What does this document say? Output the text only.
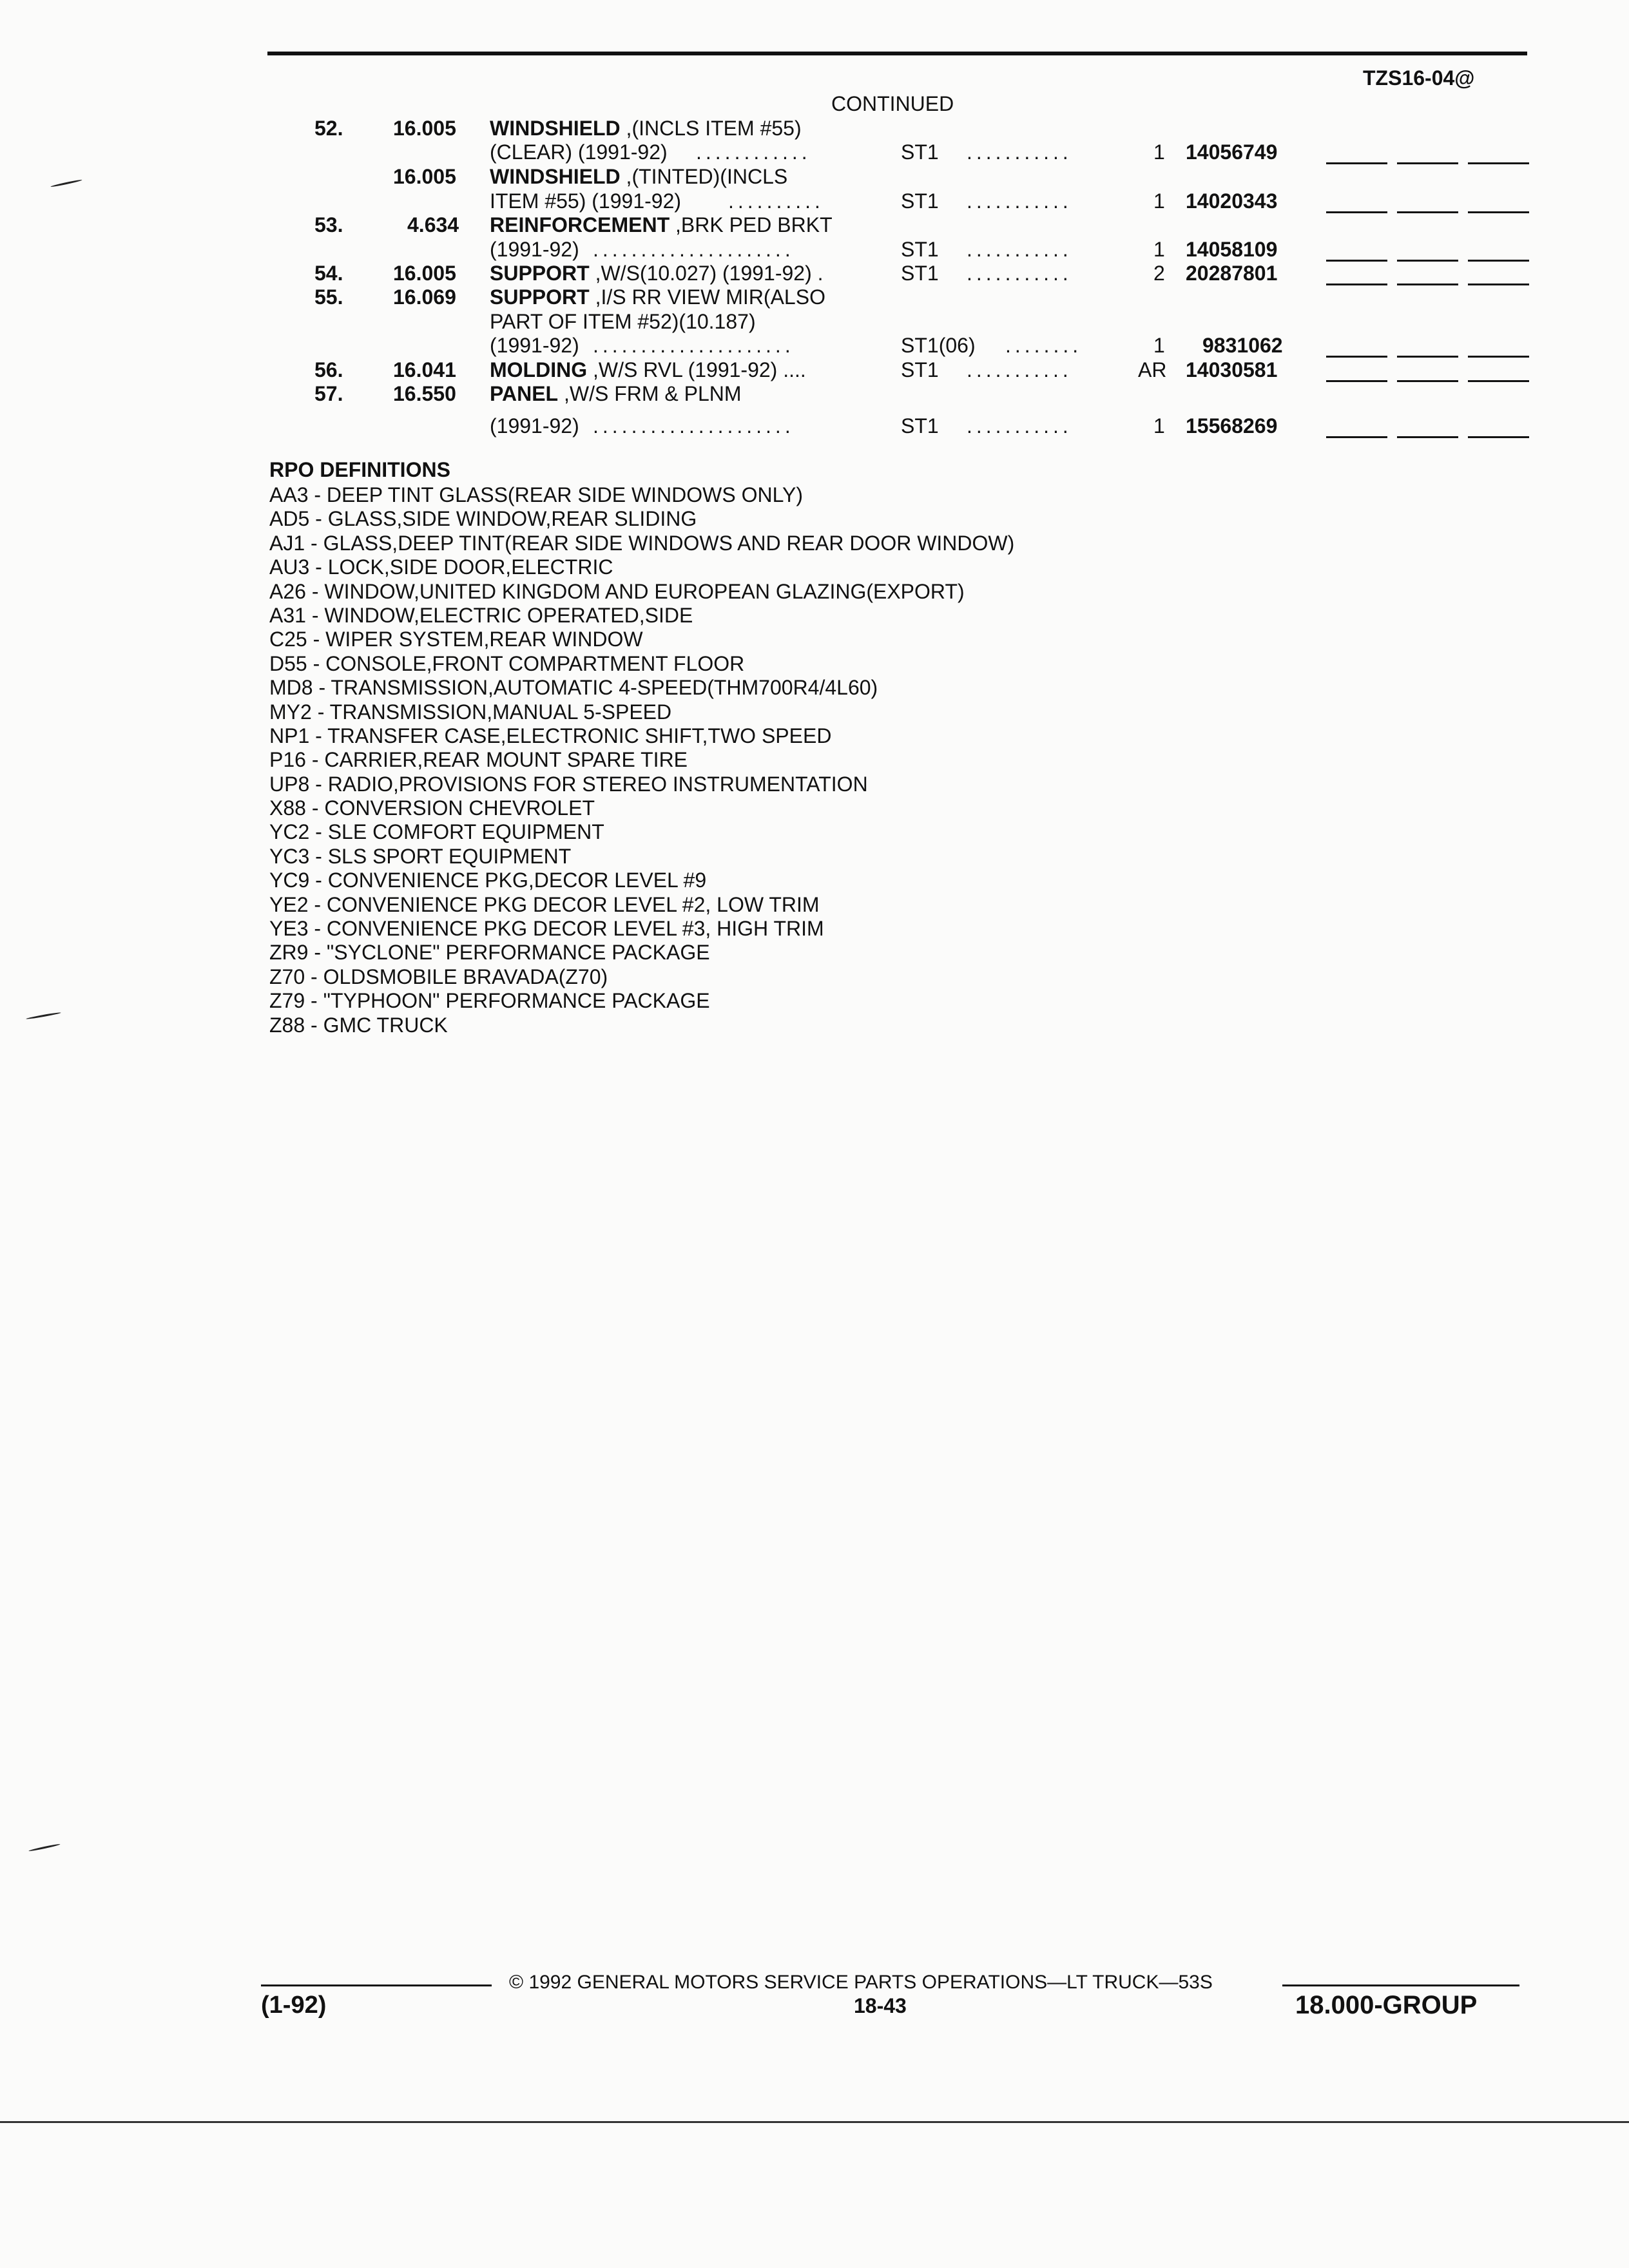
TZS16-04@
CONTINUED
52. 16.005 WINDSHIELD ,(INCLS ITEM #55)
(CLEAR) (1991-92) ............	ST1 ...........	1 14056749
16.005 WINDSHIELD ,(TINTED)(INCLS
ITEM #55) (1991-92) ..........	ST1 ...........	1 14020343
53.	4.634 REINFORCEMENT ,BRK PED BRKT
(1991-92) .....................	ST1 ...........	1 14058109
54. 16.005 SUPPORT ,W/S(10.027) (1991-92) .	ST1 ...........	2 20287801
55. 16.069 SUPPORT ,I/S RR VIEW MIR(ALSO
PART OF ITEM #52)(10.187)
(1991-92) .....................	ST1(06) ........	1 9831062
56. 16.041 MOLDING ,W/S RVL (1991-92) ....	ST1 ...........	AR 14030581
57. 16.550 PANEL ,W/S FRM & PLNM
(1991-92) .....................	ST1 ...........	1 15568269
RPO DEFINITIONS
AA3 - DEEP TINT GLASS(REAR SIDE WINDOWS ONLY)
AD5 - GLASS,SIDE WINDOW,REAR SLIDING
AJ1 - GLASS,DEEP TINT(REAR SIDE WINDOWS AND REAR DOOR WINDOW)
AU3 - LOCK,SIDE DOOR,ELECTRIC
A26 - WINDOW,UNITED KINGDOM AND EUROPEAN GLAZING(EXPORT)
A31 - WINDOW,ELECTRIC OPERATED,SIDE
C25 - WIPER SYSTEM,REAR WINDOW
D55 - CONSOLE,FRONT COMPARTMENT FLOOR
MD8 - TRANSMISSION,AUTOMATIC 4-SPEED(THM700R4/4L60)
MY2 - TRANSMISSION,MANUAL 5-SPEED
NP1 - TRANSFER CASE,ELECTRONIC SHIFT,TWO SPEED
P16 - CARRIER,REAR MOUNT SPARE TIRE
UP8 - RADIO,PROVISIONS FOR STEREO INSTRUMENTATION
X88 - CONVERSION CHEVROLET
YC2 - SLE COMFORT EQUIPMENT
YC3 - SLS SPORT EQUIPMENT
YC9 - CONVENIENCE PKG,DECOR LEVEL #9
YE2 - CONVENIENCE PKG DECOR LEVEL #2, LOW TRIM
YE3 - CONVENIENCE PKG DECOR LEVEL #3, HIGH TRIM
ZR9 - "SYCLONE" PERFORMANCE PACKAGE
Z70 - OLDSMOBILE BRAVADA(Z70)
Z79 - "TYPHOON" PERFORMANCE PACKAGE
Z88 - GMC TRUCK
© 1992 GENERAL MOTORS SERVICE PARTS OPERATIONS—LT TRUCK—53S
(1-92)	18-43	18.000-GROUP
